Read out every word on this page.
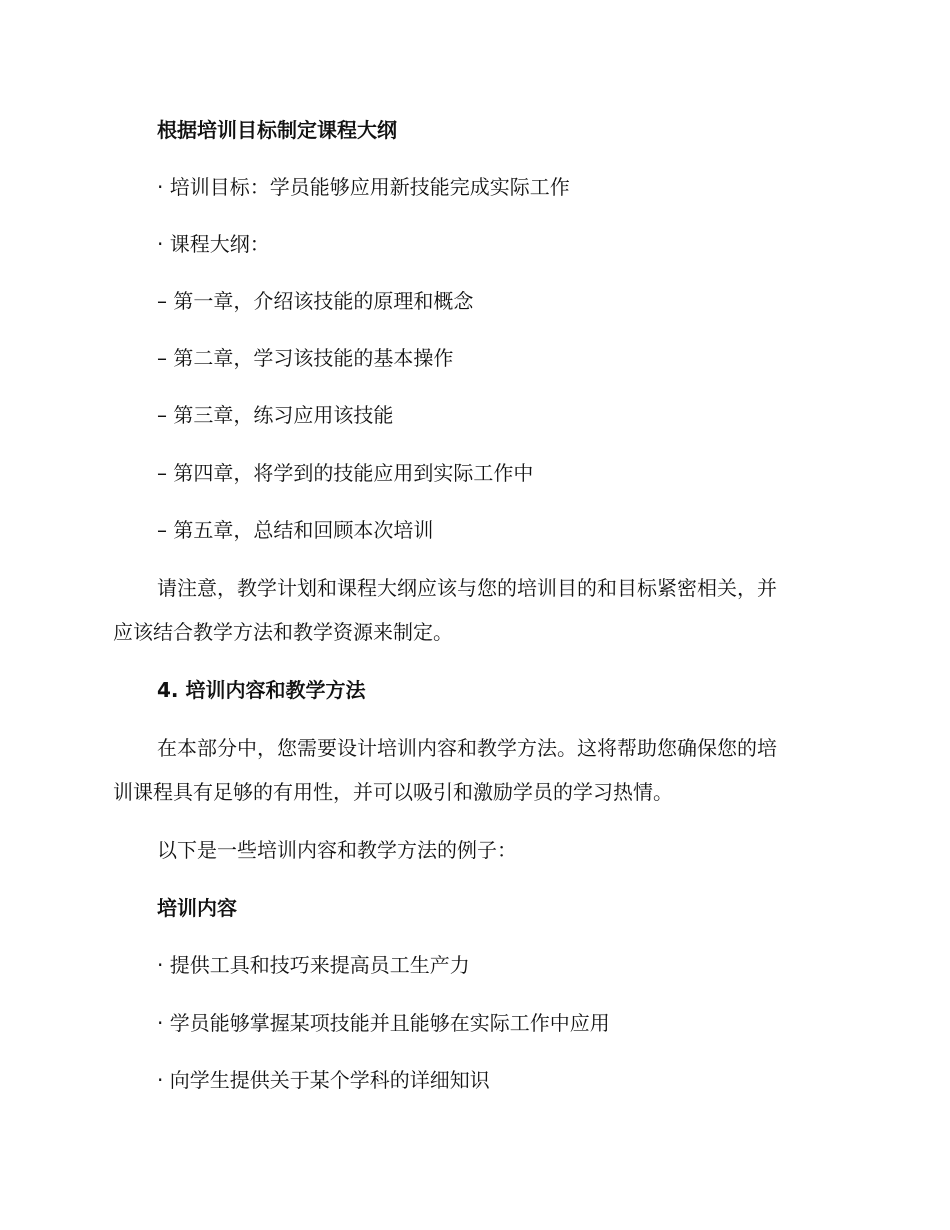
根据培训目标制定课程大纲
· 培训目标：学员能够应用新技能完成实际工作
· 课程大纲：
– 第一章，介绍该技能的原理和概念
– 第二章，学习该技能的基本操作
– 第三章，练习应用该技能
– 第四章，将学到的技能应用到实际工作中
– 第五章，总结和回顾本次培训
请注意，教学计划和课程大纲应该与您的培训目的和目标紧密相关，并
应该结合教学方法和教学资源来制定。
4. 培训内容和教学方法
在本部分中，您需要设计培训内容和教学方法。这将帮助您确保您的培
训课程具有足够的有用性，并可以吸引和激励学员的学习热情。
以下是一些培训内容和教学方法的例子：
培训内容
· 提供工具和技巧来提高员工生产力
· 学员能够掌握某项技能并且能够在实际工作中应用
· 向学生提供关于某个学科的详细知识
